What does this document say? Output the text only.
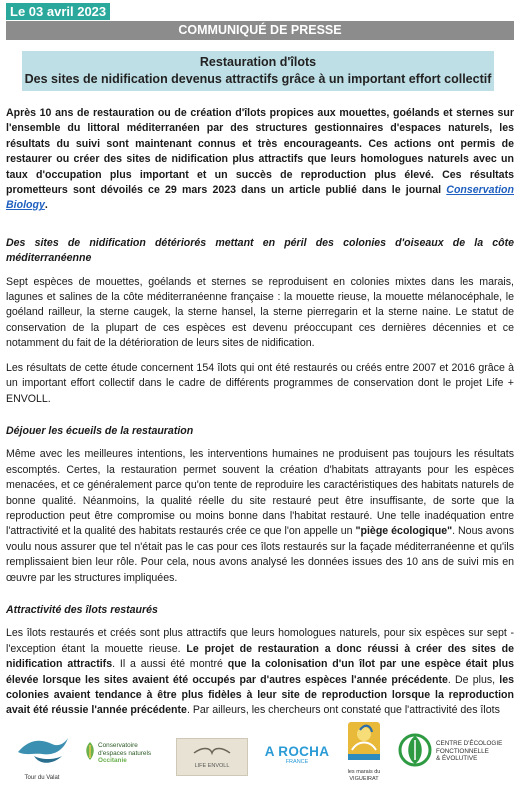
Le 03 avril 2023
COMMUNIQUÉ DE PRESSE
Restauration d'îlots
Des sites de nidification devenus attractifs grâce à un important effort collectif

Après 10 ans de restauration ou de création d'îlots propices aux mouettes, goélands et sternes sur l'ensemble du littoral méditerranéen par des structures gestionnaires d'espaces naturels, les résultats du suivi sont maintenant connus et très encourageants. Ces actions ont permis de restaurer ou créer des sites de nidification plus attractifs que leurs homologues naturels avec un taux d'occupation plus important et un succès de reproduction plus élevé. Ces résultats prometteurs sont dévoilés ce 29 mars 2023 dans un article publié dans le journal Conservation Biology.

Des sites de nidification détériorés mettant en péril des colonies d'oiseaux de la côte méditerranéenne

Sept espèces de mouettes, goélands et sternes se reproduisent en colonies mixtes dans les marais, lagunes et salines de la côte méditerranéenne française : la mouette rieuse, la mouette mélanocéphale, le goéland railleur, la sterne caugek, la sterne hansel, la sterne pierregarin et la sterne naine. Le statut de conservation de la plupart de ces espèces est devenu préoccupant ces dernières décennies et ce notamment du fait de la détérioration de leurs sites de nidification.

Les résultats de cette étude concernent 154 îlots qui ont été restaurés ou créés entre 2007 et 2016 grâce à un important effort collectif dans le cadre de différents programmes de conservation dont le projet Life + ENVOLL.

Déjouer les écueils de la restauration

Même avec les meilleures intentions, les interventions humaines ne produisent pas toujours les résultats escomptés. Certes, la restauration permet souvent la création d'habitats attrayants pour les espèces menacées, et ce généralement parce qu'on tente de reproduire les caractéristiques des habitats naturels de bonne qualité. Néanmoins, la qualité réelle du site restauré peut être insuffisante, de sorte que la reproduction peut être compromise ou moins bonne dans l'habitat restauré. Une telle inadéquation entre l'attractivité et la qualité des habitats restaurés crée ce que l'on appelle un "piège écologique". Nous avons voulu nous assurer que tel n'était pas le cas pour ces îlots restaurés sur la façade méditerranéenne et qu'ils remplissaient bien leur rôle. Pour cela, nous avons analysé les données issues des 10 ans de suivi mis en œuvre par les structures impliquées.

Attractivité des îlots restaurés

Les îlots restaurés et créés sont plus attractifs que leurs homologues naturels, pour six espèces sur sept - l'exception étant la mouette rieuse. Le projet de restauration a donc réussi à créer des sites de nidification attractifs. Il a aussi été montré que la colonisation d'un îlot par une espèce était plus élevée lorsque les sites avaient été occupés par d'autres espèces l'année précédente. De plus, les colonies avaient tendance à être plus fidèles à leur site de reproduction lorsque la reproduction avait été réussie l'année précédente. Par ailleurs, les chercheurs ont constaté que l'attractivité des îlots

Tour du Valat
Conservatoire d'espaces naturels
Occitanie
LIFE ENVOLL
A ROCHA
FRANCE
les marais du VIGUEIRAT
CENTRE D'ÉCOLOGIE
FONCTIONNELLE
& ÉVOLUTIVE
